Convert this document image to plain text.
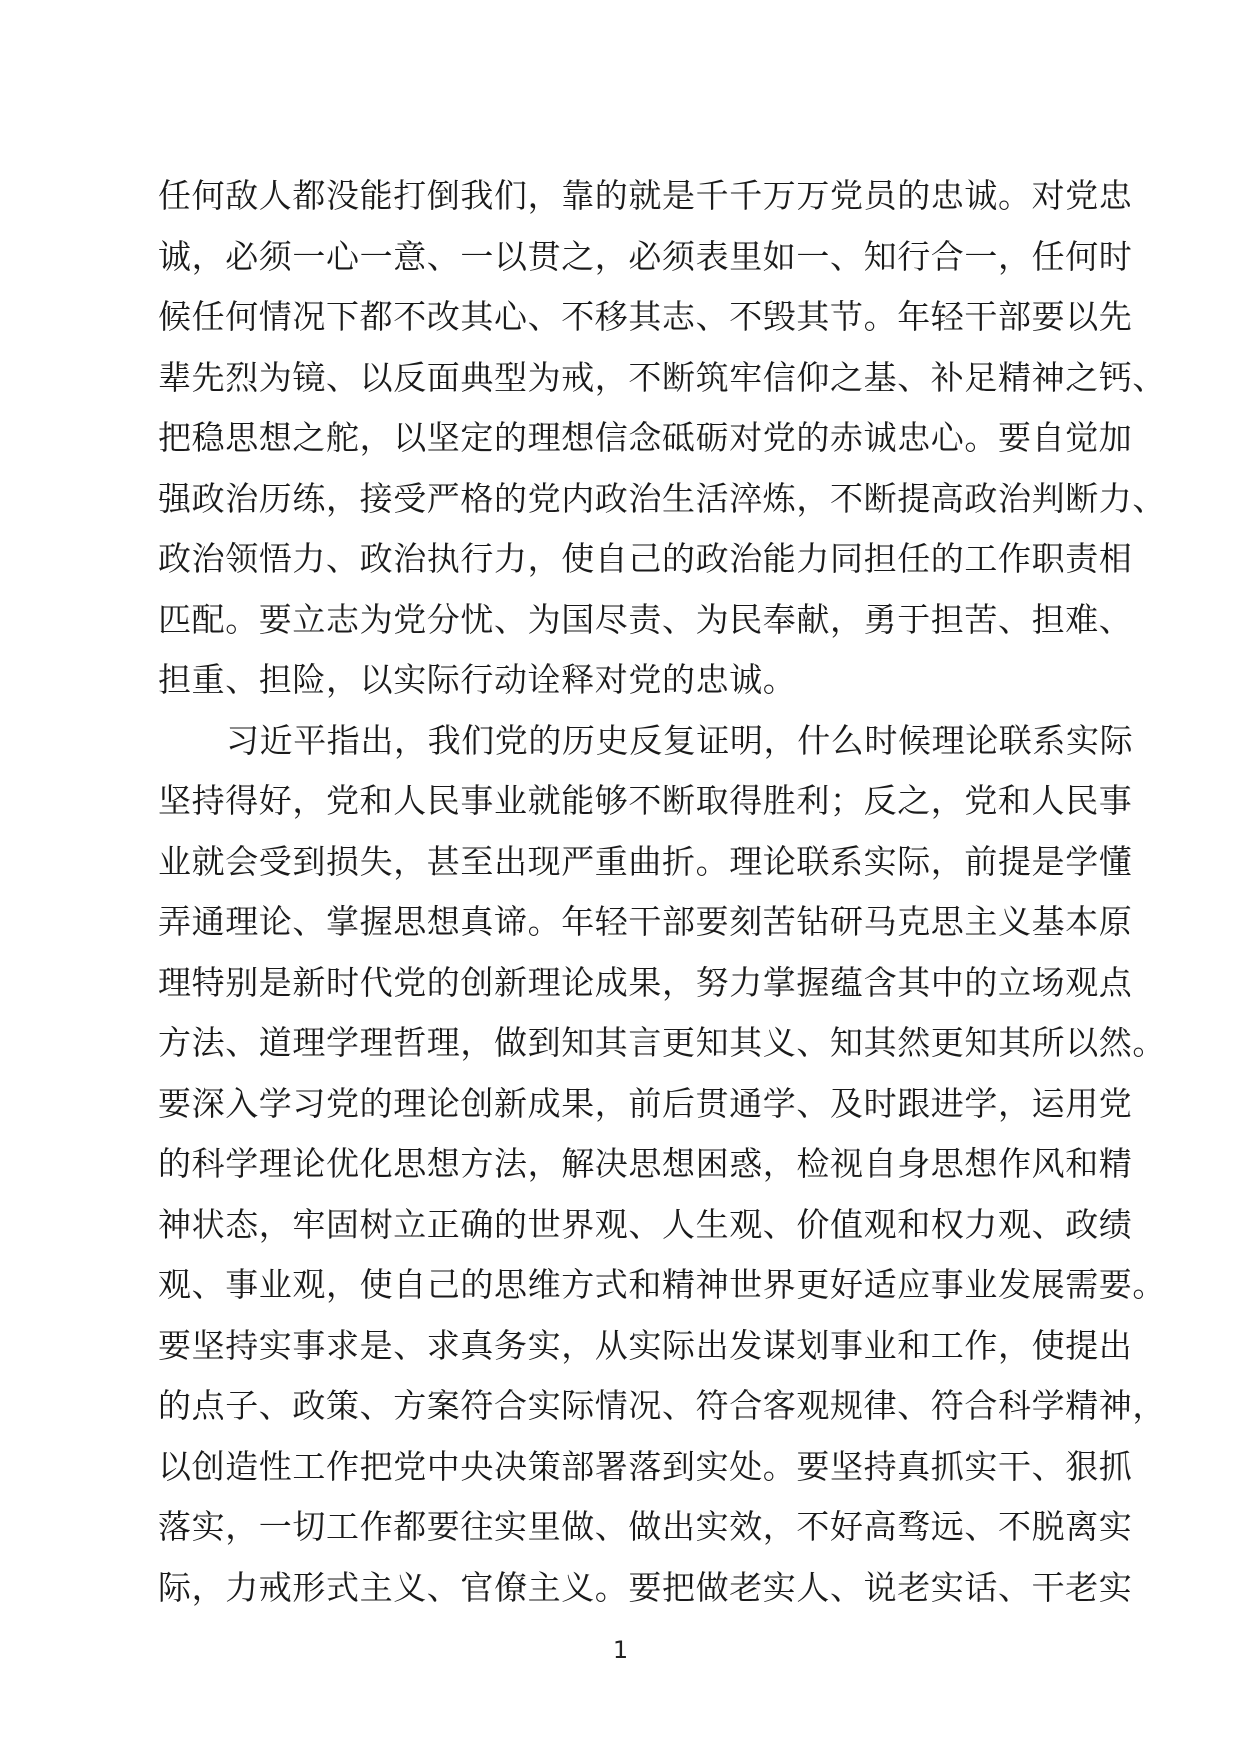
任何敌人都没能打倒我们，靠的就是千千万万党员的忠诚。对党忠
诚，必须一心一意、一以贯之，必须表里如一、知行合一，任何时
候任何情况下都不改其心、不移其志、不毁其节。年轻干部要以先
辈先烈为镜、以反面典型为戒，不断筑牢信仰之基、补足精神之钙、
把稳思想之舵，以坚定的理想信念砥砺对党的赤诚忠心。要自觉加
强政治历练，接受严格的党内政治生活淬炼，不断提高政治判断力、
政治领悟力、政治执行力，使自己的政治能力同担任的工作职责相
匹配。要立志为党分忧、为国尽责、为民奉献，勇于担苦、担难、
担重、担险，以实际行动诠释对党的忠诚。
习近平指出，我们党的历史反复证明，什么时候理论联系实际
坚持得好，党和人民事业就能够不断取得胜利；反之，党和人民事
业就会受到损失，甚至出现严重曲折。理论联系实际，前提是学懂
弄通理论、掌握思想真谛。年轻干部要刻苦钻研马克思主义基本原
理特别是新时代党的创新理论成果，努力掌握蕴含其中的立场观点
方法、道理学理哲理，做到知其言更知其义、知其然更知其所以然。
要深入学习党的理论创新成果，前后贯通学、及时跟进学，运用党
的科学理论优化思想方法，解决思想困惑，检视自身思想作风和精
神状态，牢固树立正确的世界观、人生观、价值观和权力观、政绩
观、事业观，使自己的思维方式和精神世界更好适应事业发展需要。
要坚持实事求是、求真务实，从实际出发谋划事业和工作，使提出
的点子、政策、方案符合实际情况、符合客观规律、符合科学精神，
以创造性工作把党中央决策部署落到实处。要坚持真抓实干、狠抓
落实，一切工作都要往实里做、做出实效，不好高骛远、不脱离实
际，力戒形式主义、官僚主义。要把做老实人、说老实话、干老实
1
